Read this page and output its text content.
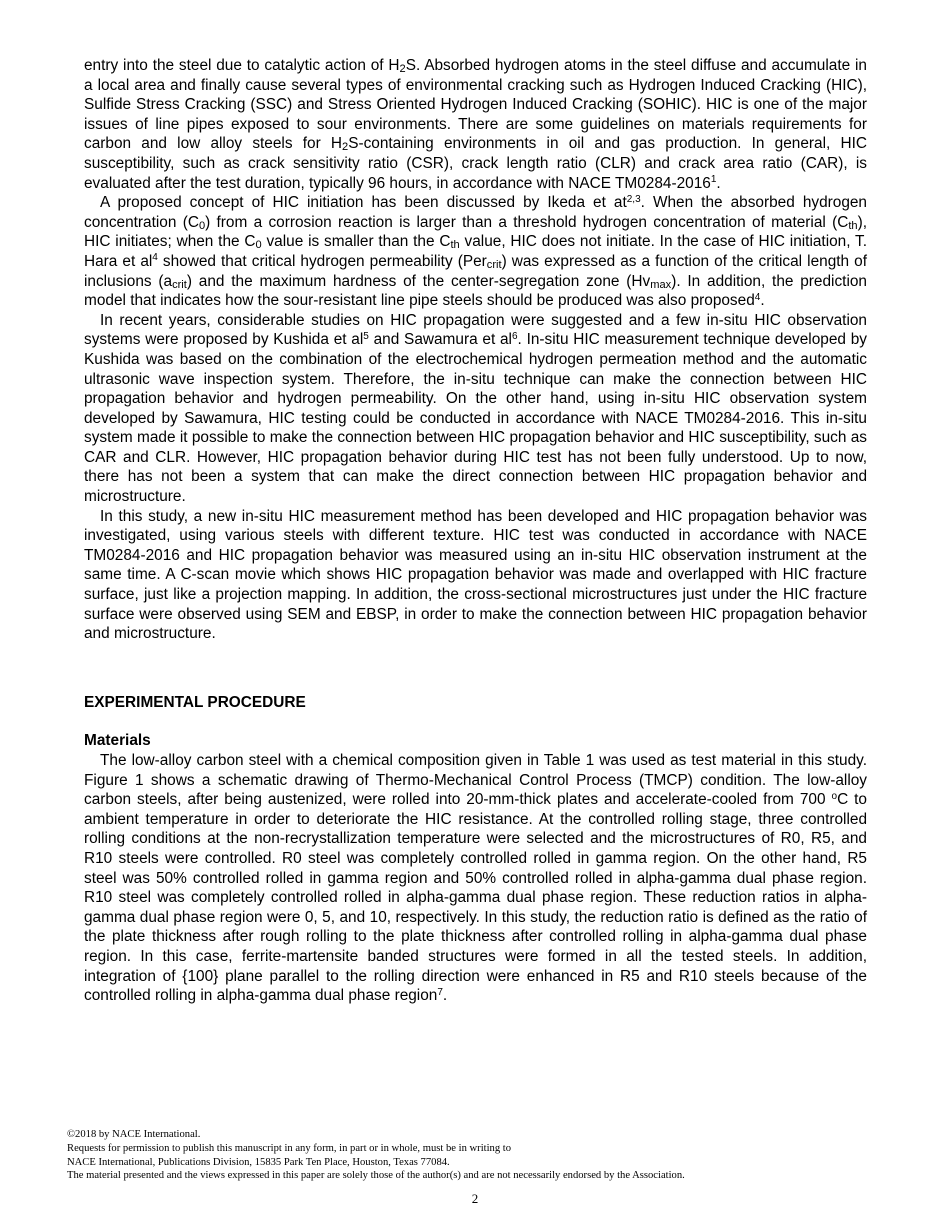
entry into the steel due to catalytic action of $H_2S$. Absorbed hydrogen atoms in the steel diffuse and accumulate in a local area and finally cause several types of environmental cracking such as Hydrogen Induced Cracking (HIC), Sulfide Stress Cracking (SSC) and Stress Oriented Hydrogen Induced Cracking (SOHIC). HIC is one of the major issues of line pipes exposed to sour environments. There are some guidelines on materials requirements for carbon and low alloy steels for $H_2S$-containing environments in oil and gas production. In general, HIC susceptibility, such as crack sensitivity ratio (CSR), crack length ratio (CLR) and crack area ratio (CAR), is evaluated after the test duration, typically 96 hours, in accordance with NACE TM0284-2016$^1$.

A proposed concept of HIC initiation has been discussed by Ikeda et at$^{2,3}$. When the absorbed hydrogen concentration $(C_0)$ from a corrosion reaction is larger than a threshold hydrogen concentration of material $(C_{th})$, HIC initiates; when the $C_0$ value is smaller than the $C_{th}$ value, HIC does not initiate. In the case of HIC initiation, T. Hara et $al^4$ showed that critical hydrogen permeability (Per$_{crit}$) was expressed as a function of the critical length of inclusions $(a_{crit})$ and the maximum hardness of the center-segregation zone $(Hv_{max})$. In addition, the prediction model that indicates how the sour-resistant line pipe steels should be produced was also proposed$^4$.

In recent years, considerable studies on HIC propagation were suggested and a few in-situ HIC observation systems were proposed by Kushida et $al^5$ and Sawamura et $al^6$. In-situ HIC measurement technique developed by Kushida was based on the combination of the electrochemical hydrogen permeation method and the automatic ultrasonic wave inspection system. Therefore, the in-situ technique can make the connection between HIC propagation behavior and hydrogen permeability. On the other hand, using in-situ HIC observation system developed by Sawamura, HIC testing could be conducted in accordance with NACE TM0284-2016. This in-situ system made it possible to make the connection between HIC propagation behavior and HIC susceptibility, such as CAR and CLR. However, HIC propagation behavior during HIC test has not been fully understood. Up to now, there has not been a system that can make the direct connection between HIC propagation behavior and microstructure.

In this study, a new in-situ HIC measurement method has been developed and HIC propagation behavior was investigated, using various steels with different texture. HIC test was conducted in accordance with NACE TM0284-2016 and HIC propagation behavior was measured using an in-situ HIC observation instrument at the same time. A C-scan movie which shows HIC propagation behavior was made and overlapped with HIC fracture surface, just like a projection mapping. In addition, the cross-sectional microstructures just under the HIC fracture surface were observed using SEM and EBSP, in order to make the connection between HIC propagation behavior and microstructure.

EXPERIMENTAL PROCEDURE

Materials

The low-alloy carbon steel with a chemical composition given in Table 1 was used as test material in this study. Figure 1 shows a schematic drawing of Thermo-Mechanical Control Process (TMCP) condition. The low-alloy carbon steels, after being austenized, were rolled into 20-mm-thick plates and accelerate-cooled from 700 $^o$C to ambient temperature in order to deteriorate the HIC resistance. At the controlled rolling stage, three controlled rolling conditions at the non-recrystallization temperature were selected and the microstructures of R0, R5, and R10 steels were controlled. R0 steel was completely controlled rolled in gamma region. On the other hand, R5 steel was 50% controlled rolled in gamma region and 50% controlled rolled in alpha-gamma dual phase region. R10 steel was completely controlled rolled in alpha-gamma dual phase region. These reduction ratios in alpha-gamma dual phase region were 0, 5, and 10, respectively. In this study, the reduction ratio is defined as the ratio of the plate thickness after rough rolling to the plate thickness after controlled rolling in alpha-gamma dual phase region. In this case, ferrite-martensite banded structures were formed in all the tested steels. In addition, integration of {100} plane parallel to the rolling direction were enhanced in R5 and R10 steels because of the controlled rolling in alpha-gamma dual phase region$^7$.

©2018 by NACE International.
Requests for permission to publish this manuscript in any form, in part or in whole, must be in writing to
NACE International, Publications Division, 15835 Park Ten Place, Houston, Texas 77084.
The material presented and the views expressed in this paper are solely those of the author(s) and are not necessarily endorsed by the Association.
2
